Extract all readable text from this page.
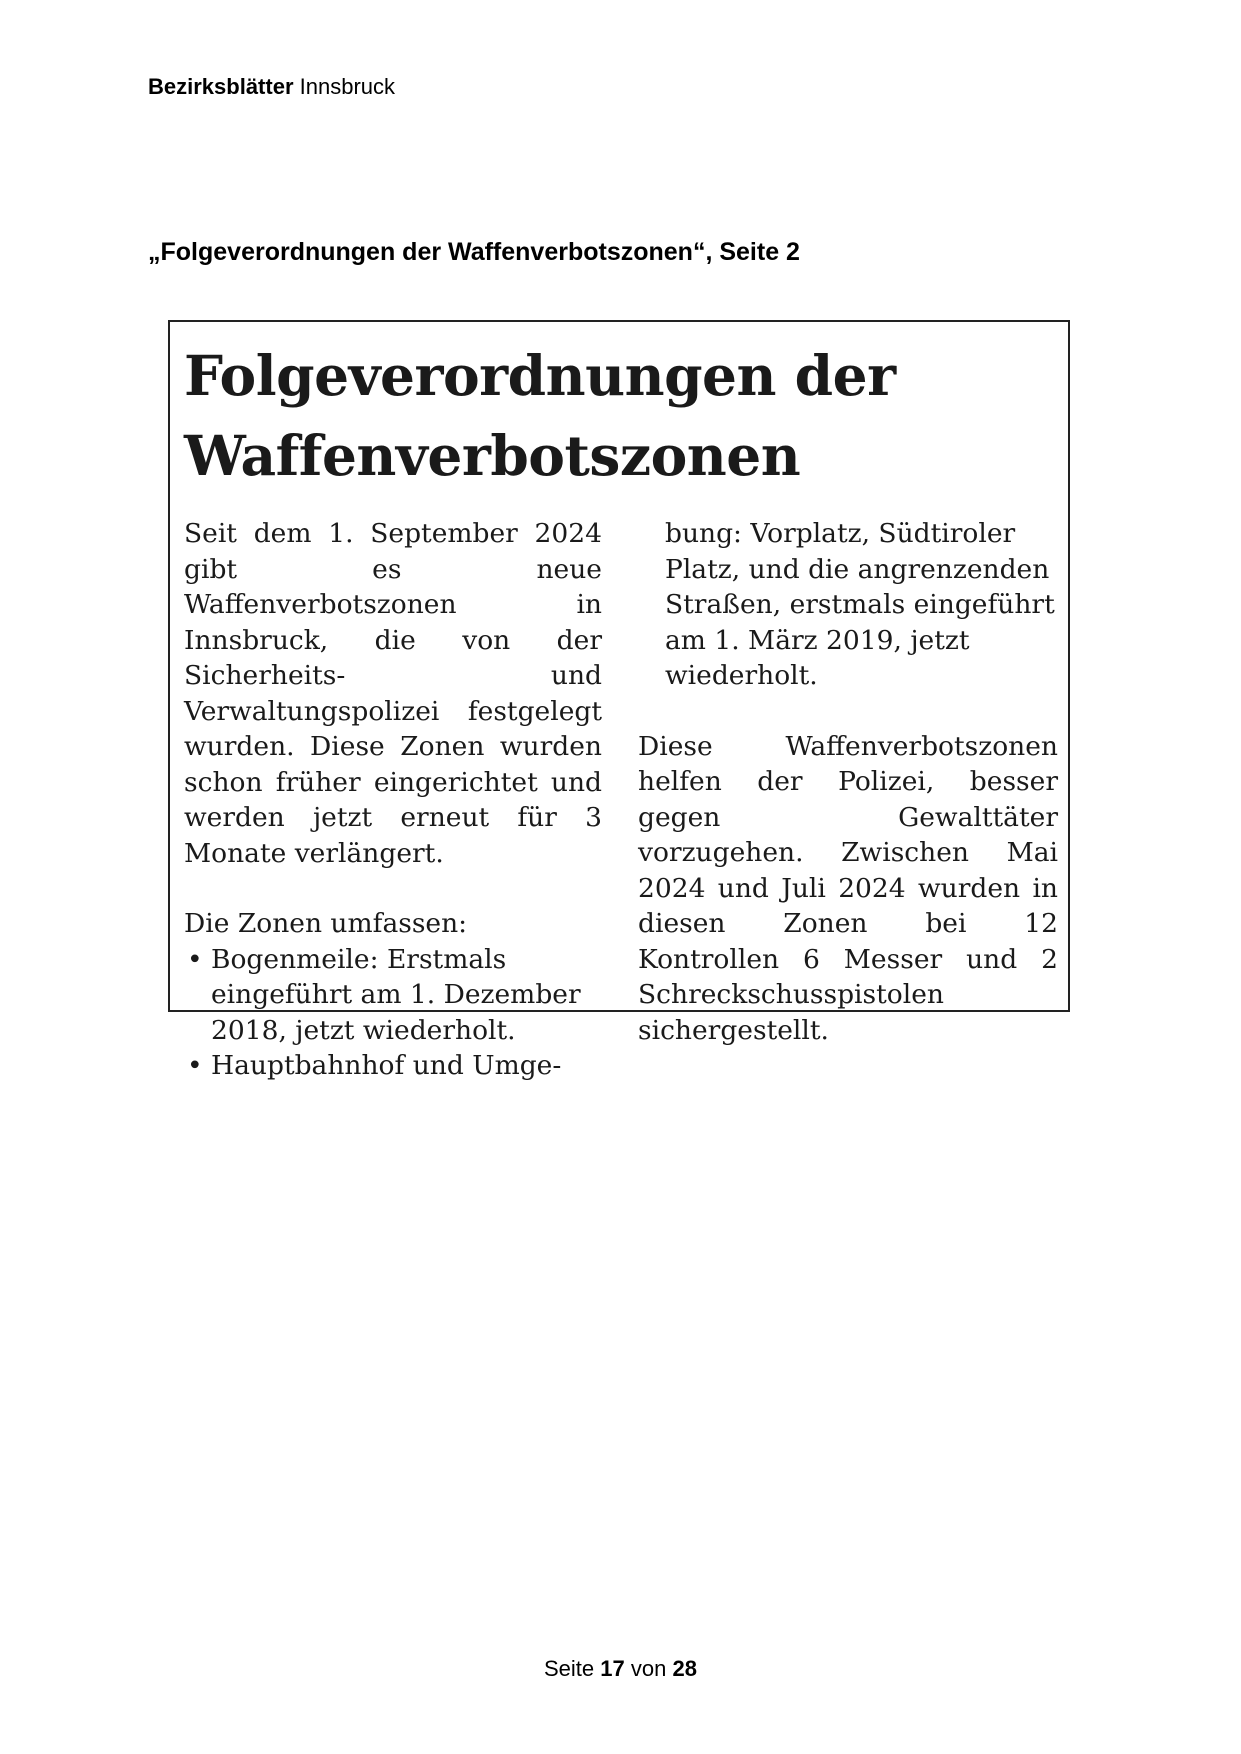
Bezirksblätter Innsbruck
„Folgeverordnungen der Waffenverbotszonen“, Seite 2
Folgeverordnungen der
Waffenverbotszonen

Seit dem 1. September 2024 gibt es neue Waffenverbotszonen in Innsbruck, die von der Sicherheits- und Verwaltungspolizei festgelegt wurden. Diese Zonen wurden schon früher eingerichtet und werden jetzt erneut für 3 Monate verlängert.

Die Zonen umfassen:

• Bogenmeile: Erstmals eingeführt am 1. Dezember 2018, jetzt wiederholt.
• Hauptbahnhof und Umge-

bung: Vorplatz, Südtiroler Platz, und die angrenzenden Straßen, erstmals eingeführt am 1. März 2019, jetzt wiederholt.

Diese Waffenverbotszonen helfen der Polizei, besser gegen Gewalttäter vorzugehen. Zwischen Mai 2024 und Juli 2024 wurden in diesen Zonen bei 12 Kontrollen 6 Messer und 2 Schreckschusspistolen sichergestellt.

Seite 17 von 28
